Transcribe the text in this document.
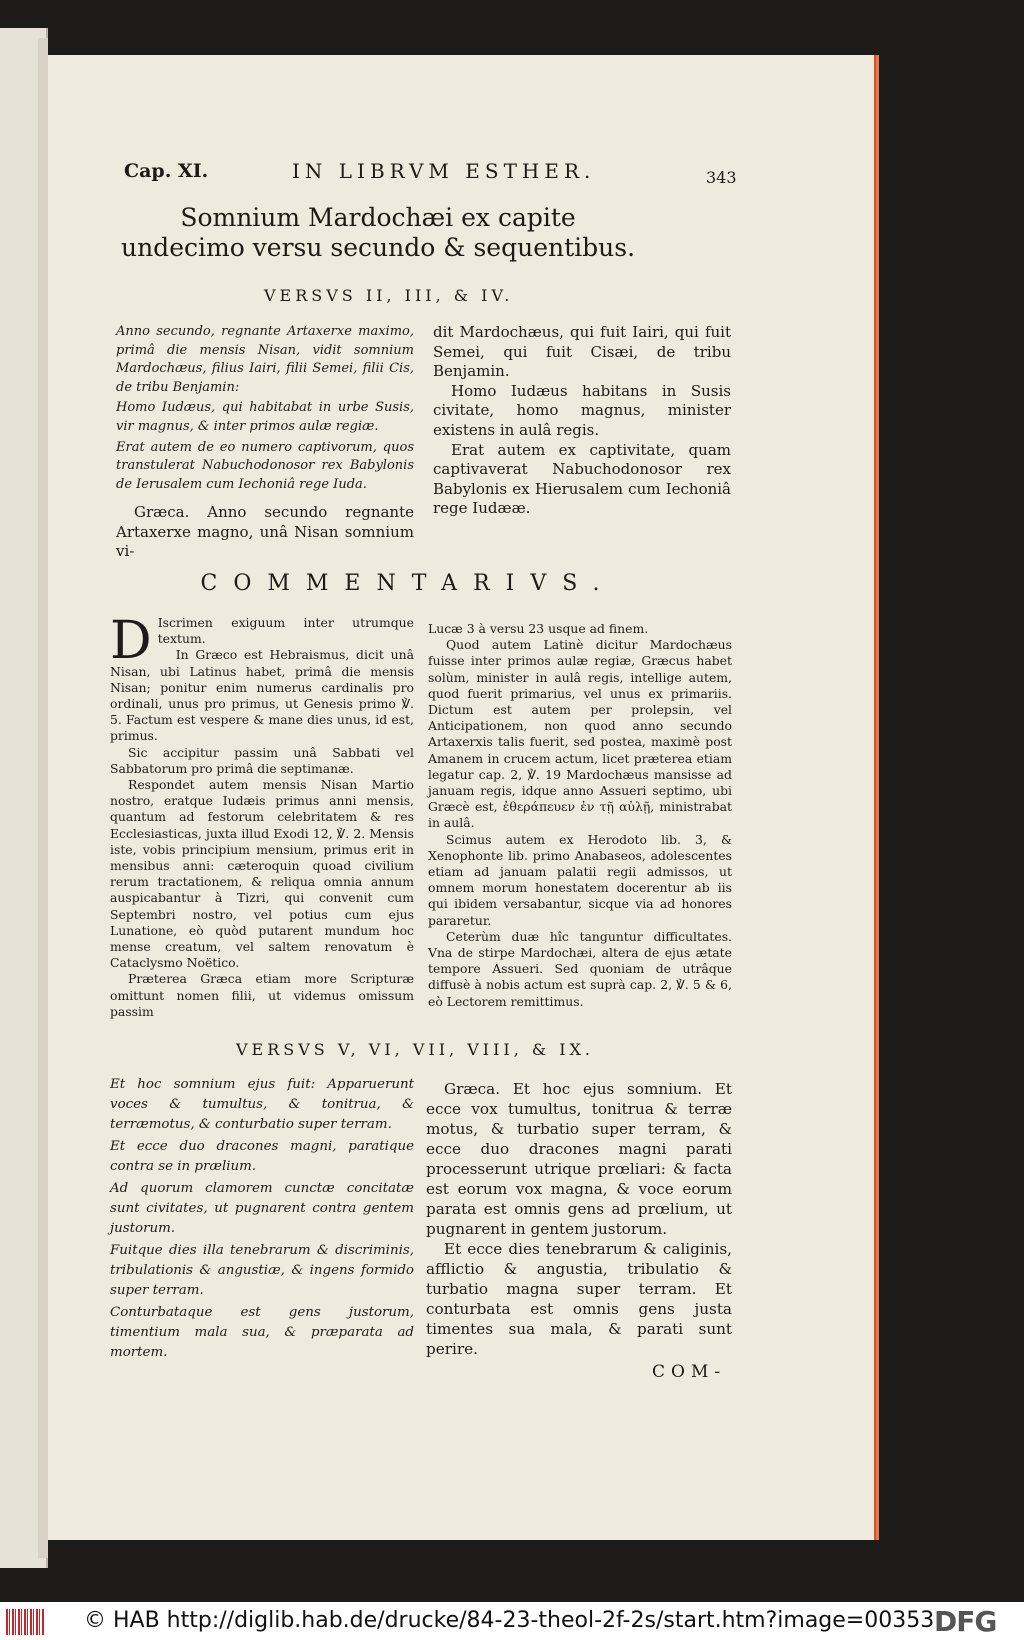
Cap. XI.	IN LIBRVM ESTHER.	343
Somnium Mardochæi ex capite undecimo versu secundo & sequentibus.
VERSVS II, III, & IV.

Anno secundo, regnante Artaxerxe maximo, primâ die mensis Nisan, vidit somnium Mardochæus, filius Iairi, filii Semei, filii Cis, de tribu Benjamin:

Homo Iudæus, qui habitabat in urbe Susis, vir magnus, & inter primos aulæ regiæ.

Erat autem de eo numero captivorum, quos transtulerat Nabuchodonosor rex Babylonis de Ierusalem cum Iechoniâ rege Iuda.

Græca. Anno secundo regnante Artaxerxe magno, unâ Nisan somnium vi-

dit Mardochæus, qui fuit Iairi, qui fuit Semei, qui fuit Cisæi, de tribu Benjamin.

Homo Iudæus habitans in Susis civitate, homo magnus, minister existens in aulâ regis.

Erat autem ex captivitate, quam captivaverat Nabuchodonosor rex Babylonis ex Hierusalem cum Iechoniâ rege Iudææ.

COMMENTARIVS.
D Iscrimen exiguum inter utrumque textum.

In Græco est Hebraismus, dicit unâ Nisan, ubi Latinus habet, primâ die mensis Nisan; ponitur enim numerus cardinalis pro ordinali, unus pro primus, ut Genesis primo ℣. 5. Factum est vespere & mane dies unus, id est, primus.

Sic accipitur passim unâ Sabbati vel Sabbatorum pro primâ die septimanæ.

Respondet autem mensis Nisan Martio nostro, eratque Iudæis primus anni mensis, quantum ad festorum celebritatem & res Ecclesiasticas, juxta illud Exodi 12, ℣. 2. Mensis iste, vobis principium mensium, primus erit in mensibus anni: cæteroquin quoad civilium rerum tractationem, & reliqua omnia annum auspicabantur à Tizri, qui convenit cum Septembri nostro, vel potius cum ejus Lunatione, eò quòd putarent mundum hoc mense creatum, vel saltem renovatum è Cataclysmo Noëtico.

Præterea Græca etiam more Scripturæ omittunt nomen filii, ut videmus omissum passim

Lucæ 3 à versu 23 usque ad finem.

Quod autem Latinè dicitur Mardochæus fuisse inter primos aulæ regiæ, Græcus habet solùm, minister in aulâ regis, intellige autem, quod fuerit primarius, vel unus ex primariis. Dictum est autem per prolepsin, vel Anticipationem, non quod anno secundo Artaxerxis talis fuerit, sed postea, maximè post Amanem in crucem actum, licet præterea etiam legatur cap. 2, ℣. 19 Mardochæus mansisse ad januam regis, idque anno Assueri septimo, ubi Græcè est, ἐθεράπευεν ἐν τῇ αὐλῇ, ministrabat in aulâ.

Scimus autem ex Herodoto lib. 3, & Xenophonte lib. primo Anabaseos, adolescentes etiam ad januam palatii regii admissos, ut omnem morum honestatem docerentur ab iis qui ibidem versabantur, sicque via ad honores pararetur.

Ceterùm duæ hîc tanguntur difficultates. Vna de stirpe Mardochæi, altera de ejus ætate tempore Assueri. Sed quoniam de utrâque diffusè à nobis actum est suprà cap. 2, ℣. 5 & 6, eò Lectorem remittimus.

VERSVS V, VI, VII, VIII, & IX.

Et hoc somnium ejus fuit: Apparuerunt voces & tumultus, & tonitrua, & terræmotus, & conturbatio super terram.

Et ecce duo dracones magni, paratique contra se in prælium.

Ad quorum clamorem cunctæ concitatæ sunt civitates, ut pugnarent contra gentem justorum.

Fuitque dies illa tenebrarum & discriminis, tribulationis & angustiæ, & ingens formido super terram.

Conturbataque est gens justorum, timentium mala sua, & præparata ad mortem.

Græca. Et hoc ejus somnium. Et ecce vox tumultus, tonitrua & terræ motus, & turbatio super terram, & ecce duo dracones magni parati processerunt utrique prœliari: & facta est eorum vox magna, & voce eorum parata est omnis gens ad prœlium, ut pugnarent in gentem justorum.

Et ecce dies tenebrarum & caliginis, afflictio & angustia, tribulatio & turbatio magna super terram. Et conturbata est omnis gens justa timentes sua mala, & parati sunt perire.

COM-
© HAB http://diglib.hab.de/drucke/84-23-theol-2f-2s/start.htm?image=00353 DFG
